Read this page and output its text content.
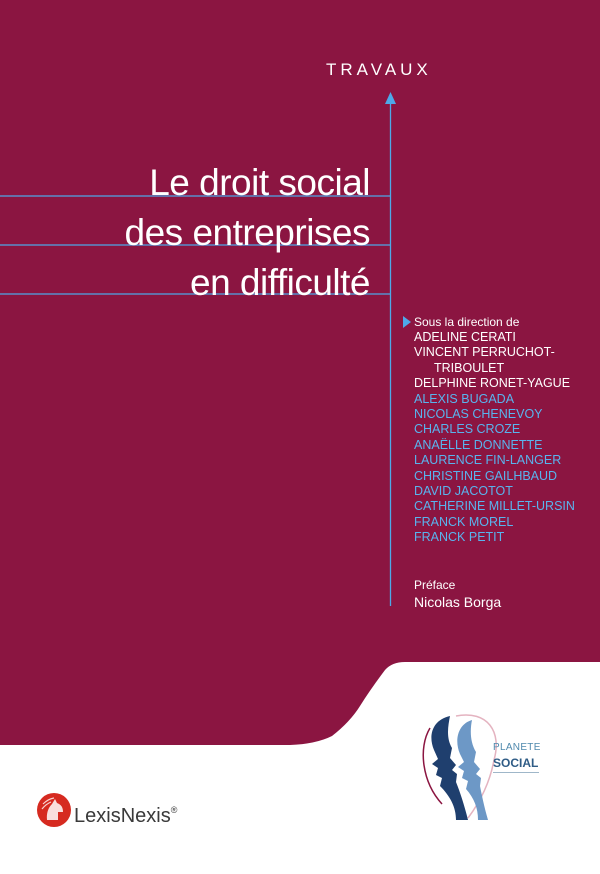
TRAVAUX
Le droit social
des entreprises
en difficulté
Sous la direction de
ADELINE CERATI
VINCENT PERRUCHOT-
TRIBOULET
DELPHINE RONET-YAGUE
ALEXIS BUGADA
NICOLAS CHENEVOY
CHARLES CROZE
ANAËLLE DONNETTE
LAURENCE FIN-LANGER
CHRISTINE GAILHBAUD
DAVID JACOTOT
CATHERINE MILLET-URSIN
FRANCK MOREL
FRANCK PETIT
Préface
Nicolas Borga
LexisNexis®
PLANETE
SOCIAL
